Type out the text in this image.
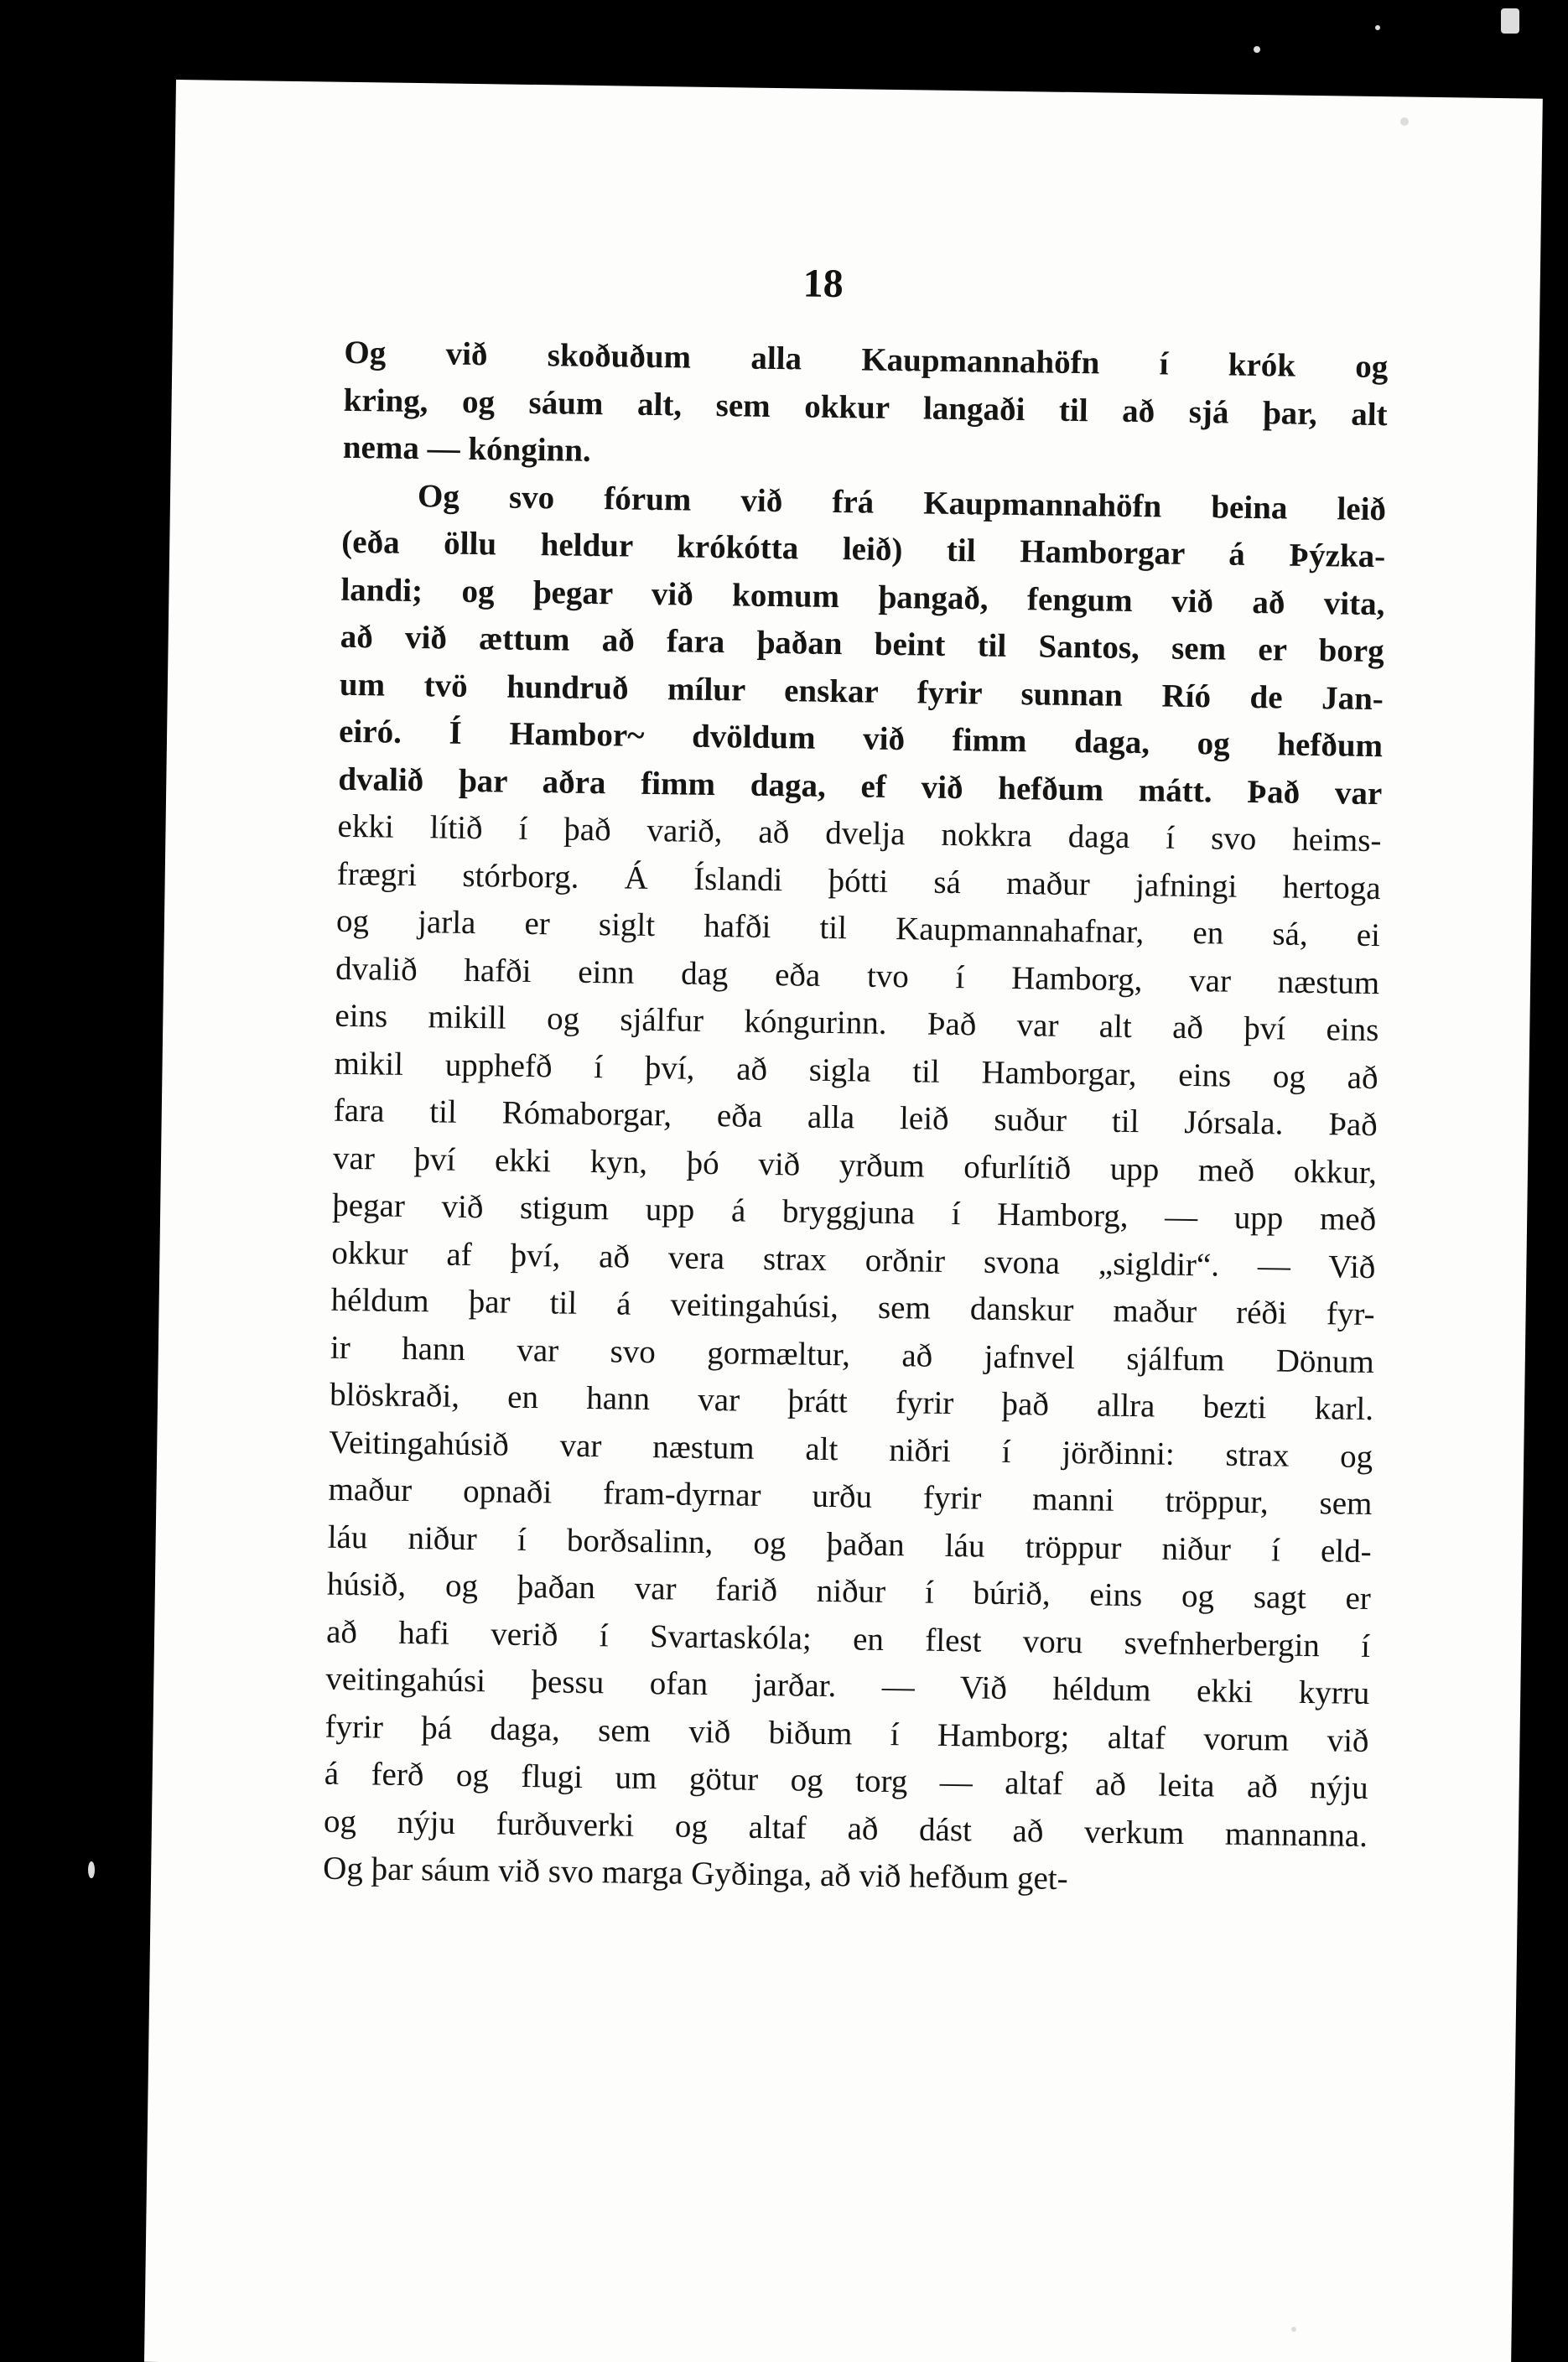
18
Og við skoðuðum alla Kaupmannahöfn í krók og
kring, og sáum alt, sem okkur langaði til að sjá þar, alt
nema — kónginn.
Og svo fórum við frá Kaupmannahöfn beina leið
(eða öllu heldur krókótta leið) til Hamborgar á Þýzka-
landi; og þegar við komum þangað, fengum við að vita,
að við ættum að fara þaðan beint til Santos, sem er borg
um tvö hundruð mílur enskar fyrir sunnan Ríó de Jan-
eiró. Í Hambor~ dvöldum við fimm daga, og hefðum
dvalið þar aðra fimm daga, ef við hefðum mátt. Það var
ekki lítið í það varið, að dvelja nokkra daga í svo heims-
frægri stórborg. Á Íslandi þótti sá maður jafningi hertoga
og jarla er siglt hafði til Kaupmannahafnar, en sá, ei
dvalið hafði einn dag eða tvo í Hamborg, var næstum
eins mikill og sjálfur kóngurinn. Það var alt að því eins
mikil upphefð í því, að sigla til Hamborgar, eins og að
fara til Rómaborgar, eða alla leið suður til Jórsala. Það
var því ekki kyn, þó við yrðum ofurlítið upp með okkur,
þegar við stigum upp á bryggjuna í Hamborg, — upp með
okkur af því, að vera strax orðnir svona „sigldir“. — Við
héldum þar til á veitingahúsi, sem danskur maður réði fyr-
ir hann var svo gormæltur, að jafnvel sjálfum Dönum
blöskraði, en hann var þrátt fyrir það allra bezti karl.
Veitingahúsið var næstum alt niðri í jörðinni: strax og
maður opnaði fram-dyrnar urðu fyrir manni tröppur, sem
láu niður í borðsalinn, og þaðan láu tröppur niður í eld-
húsið, og þaðan var farið niður í búrið, eins og sagt er
að hafi verið í Svartaskóla; en flest voru svefnherbergin í
veitingahúsi þessu ofan jarðar. — Við héldum ekki kyrru
fyrir þá daga, sem við biðum í Hamborg; altaf vorum við
á ferð og flugi um götur og torg — altaf að leita að nýju
og nýju furðuverki og altaf að dást að verkum mannanna.
Og þar sáum við svo marga Gyðinga, að við hefðum get-
